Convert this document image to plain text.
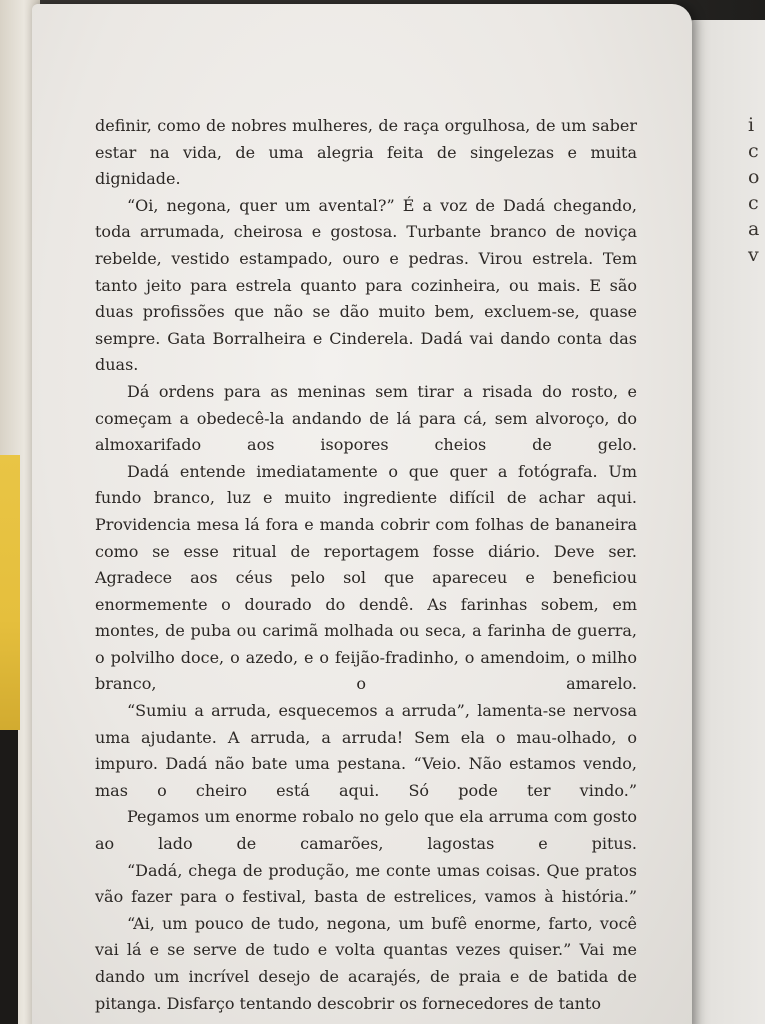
definir, como de nobres mulheres, de raça orgulhosa, de um saber estar na vida, de uma alegria feita de singelezas e muita dignidade.

“Oi, negona, quer um avental?” É a voz de Dadá chegando, toda arrumada, cheirosa e gostosa. Turbante branco de noviça rebelde, vestido estampado, ouro e pedras. Virou estrela. Tem tanto jeito para estrela quanto para cozinheira, ou mais. E são duas profissões que não se dão muito bem, excluem-se, quase sempre. Gata Borralheira e Cinderela. Dadá vai dando conta das duas.

Dá ordens para as meninas sem tirar a risada do rosto, e começam a obedecê-la andando de lá para cá, sem alvoroço, do almoxarifado aos isopores cheios de gelo.

Dadá entende imediatamente o que quer a fotógrafa. Um fundo branco, luz e muito ingrediente difícil de achar aqui. Providencia mesa lá fora e manda cobrir com folhas de bananeira como se esse ritual de reportagem fosse diário. Deve ser. Agradece aos céus pelo sol que apareceu e beneficiou enormemente o dourado do dendê. As farinhas sobem, em montes, de puba ou carimã molhada ou seca, a farinha de guerra, o polvilho doce, o azedo, e o feijão-fradinho, o amendoim, o milho branco, o amarelo.

“Sumiu a arruda, esquecemos a arruda”, lamenta-se nervosa uma ajudante. A arruda, a arruda! Sem ela o mau-olhado, o impuro. Dadá não bate uma pestana. “Veio. Não estamos vendo, mas o cheiro está aqui. Só pode ter vindo.”

Pegamos um enorme robalo no gelo que ela arruma com gosto ao lado de camarões, lagostas e pitus.

“Dadá, chega de produção, me conte umas coisas. Que pratos vão fazer para o festival, basta de estrelices, vamos à história.”

“Ai, um pouco de tudo, negona, um bufê enorme, farto, você vai lá e se serve de tudo e volta quantas vezes quiser.” Vai me dando um incrível desejo de acarajés, de praia e de batida de pitanga. Disfarço tentando descobrir os fornecedores de tanto

i
c
o
c
a
v
